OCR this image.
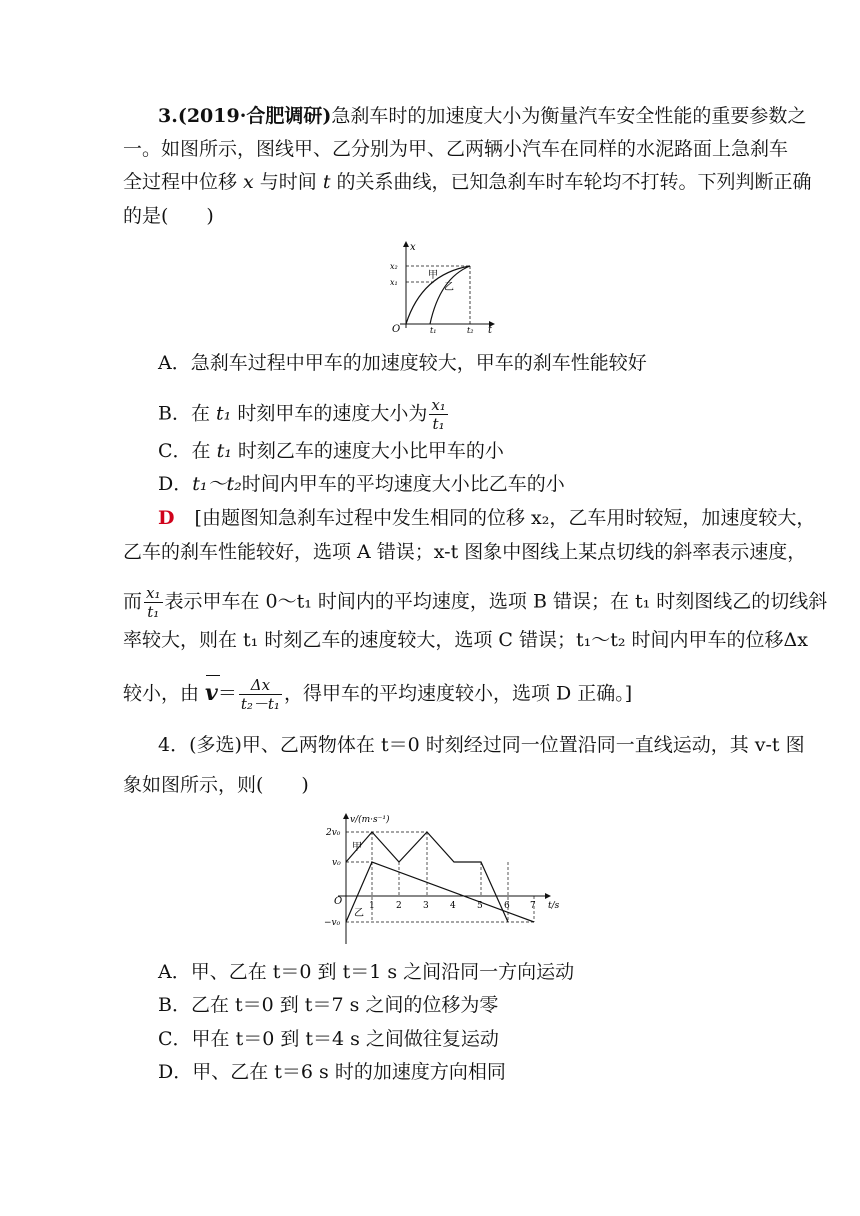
3.(2019·合肥调研)急刹车时的加速度大小为衡量汽车安全性能的重要参数之
一。如图所示，图线甲、乙分别为甲、乙两辆小汽车在同样的水泥路面上急刹车
全过程中位移 x 与时间 t 的关系曲线，已知急刹车时车轮均不打转。下列判断正确
的是(　　)
x
x₂
x₁
O	t₁	t₂ t
甲
乙
A．急刹车过程中甲车的加速度较大，甲车的刹车性能较好
B．在 t₁ 时刻甲车的速度大小为 $\frac{\text{x₁}}{\text{t₁}}$
C．在 t₁ 时刻乙车的速度大小比甲车的小
D．t₁～t₂时间内甲车的平均速度大小比乙车的小
D [由题图知急刹车过程中发生相同的位移 x₂，乙车用时较短，加速度较大，
乙车的刹车性能较好，选项 A 错误；x-t 图象中图线上某点切线的斜率表示速度，
而 $\frac{\text{x₁}}{\text{t₁}}$ 表示甲车在 0～t₁ 时间内的平均速度，选项 B 错误；在 t₁ 时刻图线乙的切线斜
率较大，则在 t₁ 时刻乙车的速度较大，选项 C 错误；t₁～t₂ 时间内甲车的位移Δx
较小，由 $v= \frac{\Delta x}{\text{t₂－t₁}}$ ，得甲车的平均速度较小，选项 D 正确。]
4．(多选)甲、乙两物体在 t＝0 时刻经过同一位置沿同一直线运动，其 v-t 图
象如图所示，则(　　)
v/(m·s⁻¹)
2v₀
v₀
−v₀
O	1 2 3 4 5 6 7 t/s
甲
乙
A．甲、乙在 t＝0 到 t＝1 s 之间沿同一方向运动
B．乙在 t＝0 到 t＝7 s 之间的位移为零
C．甲在 t＝0 到 t＝4 s 之间做往复运动
D．甲、乙在 t＝6 s 时的加速度方向相同
